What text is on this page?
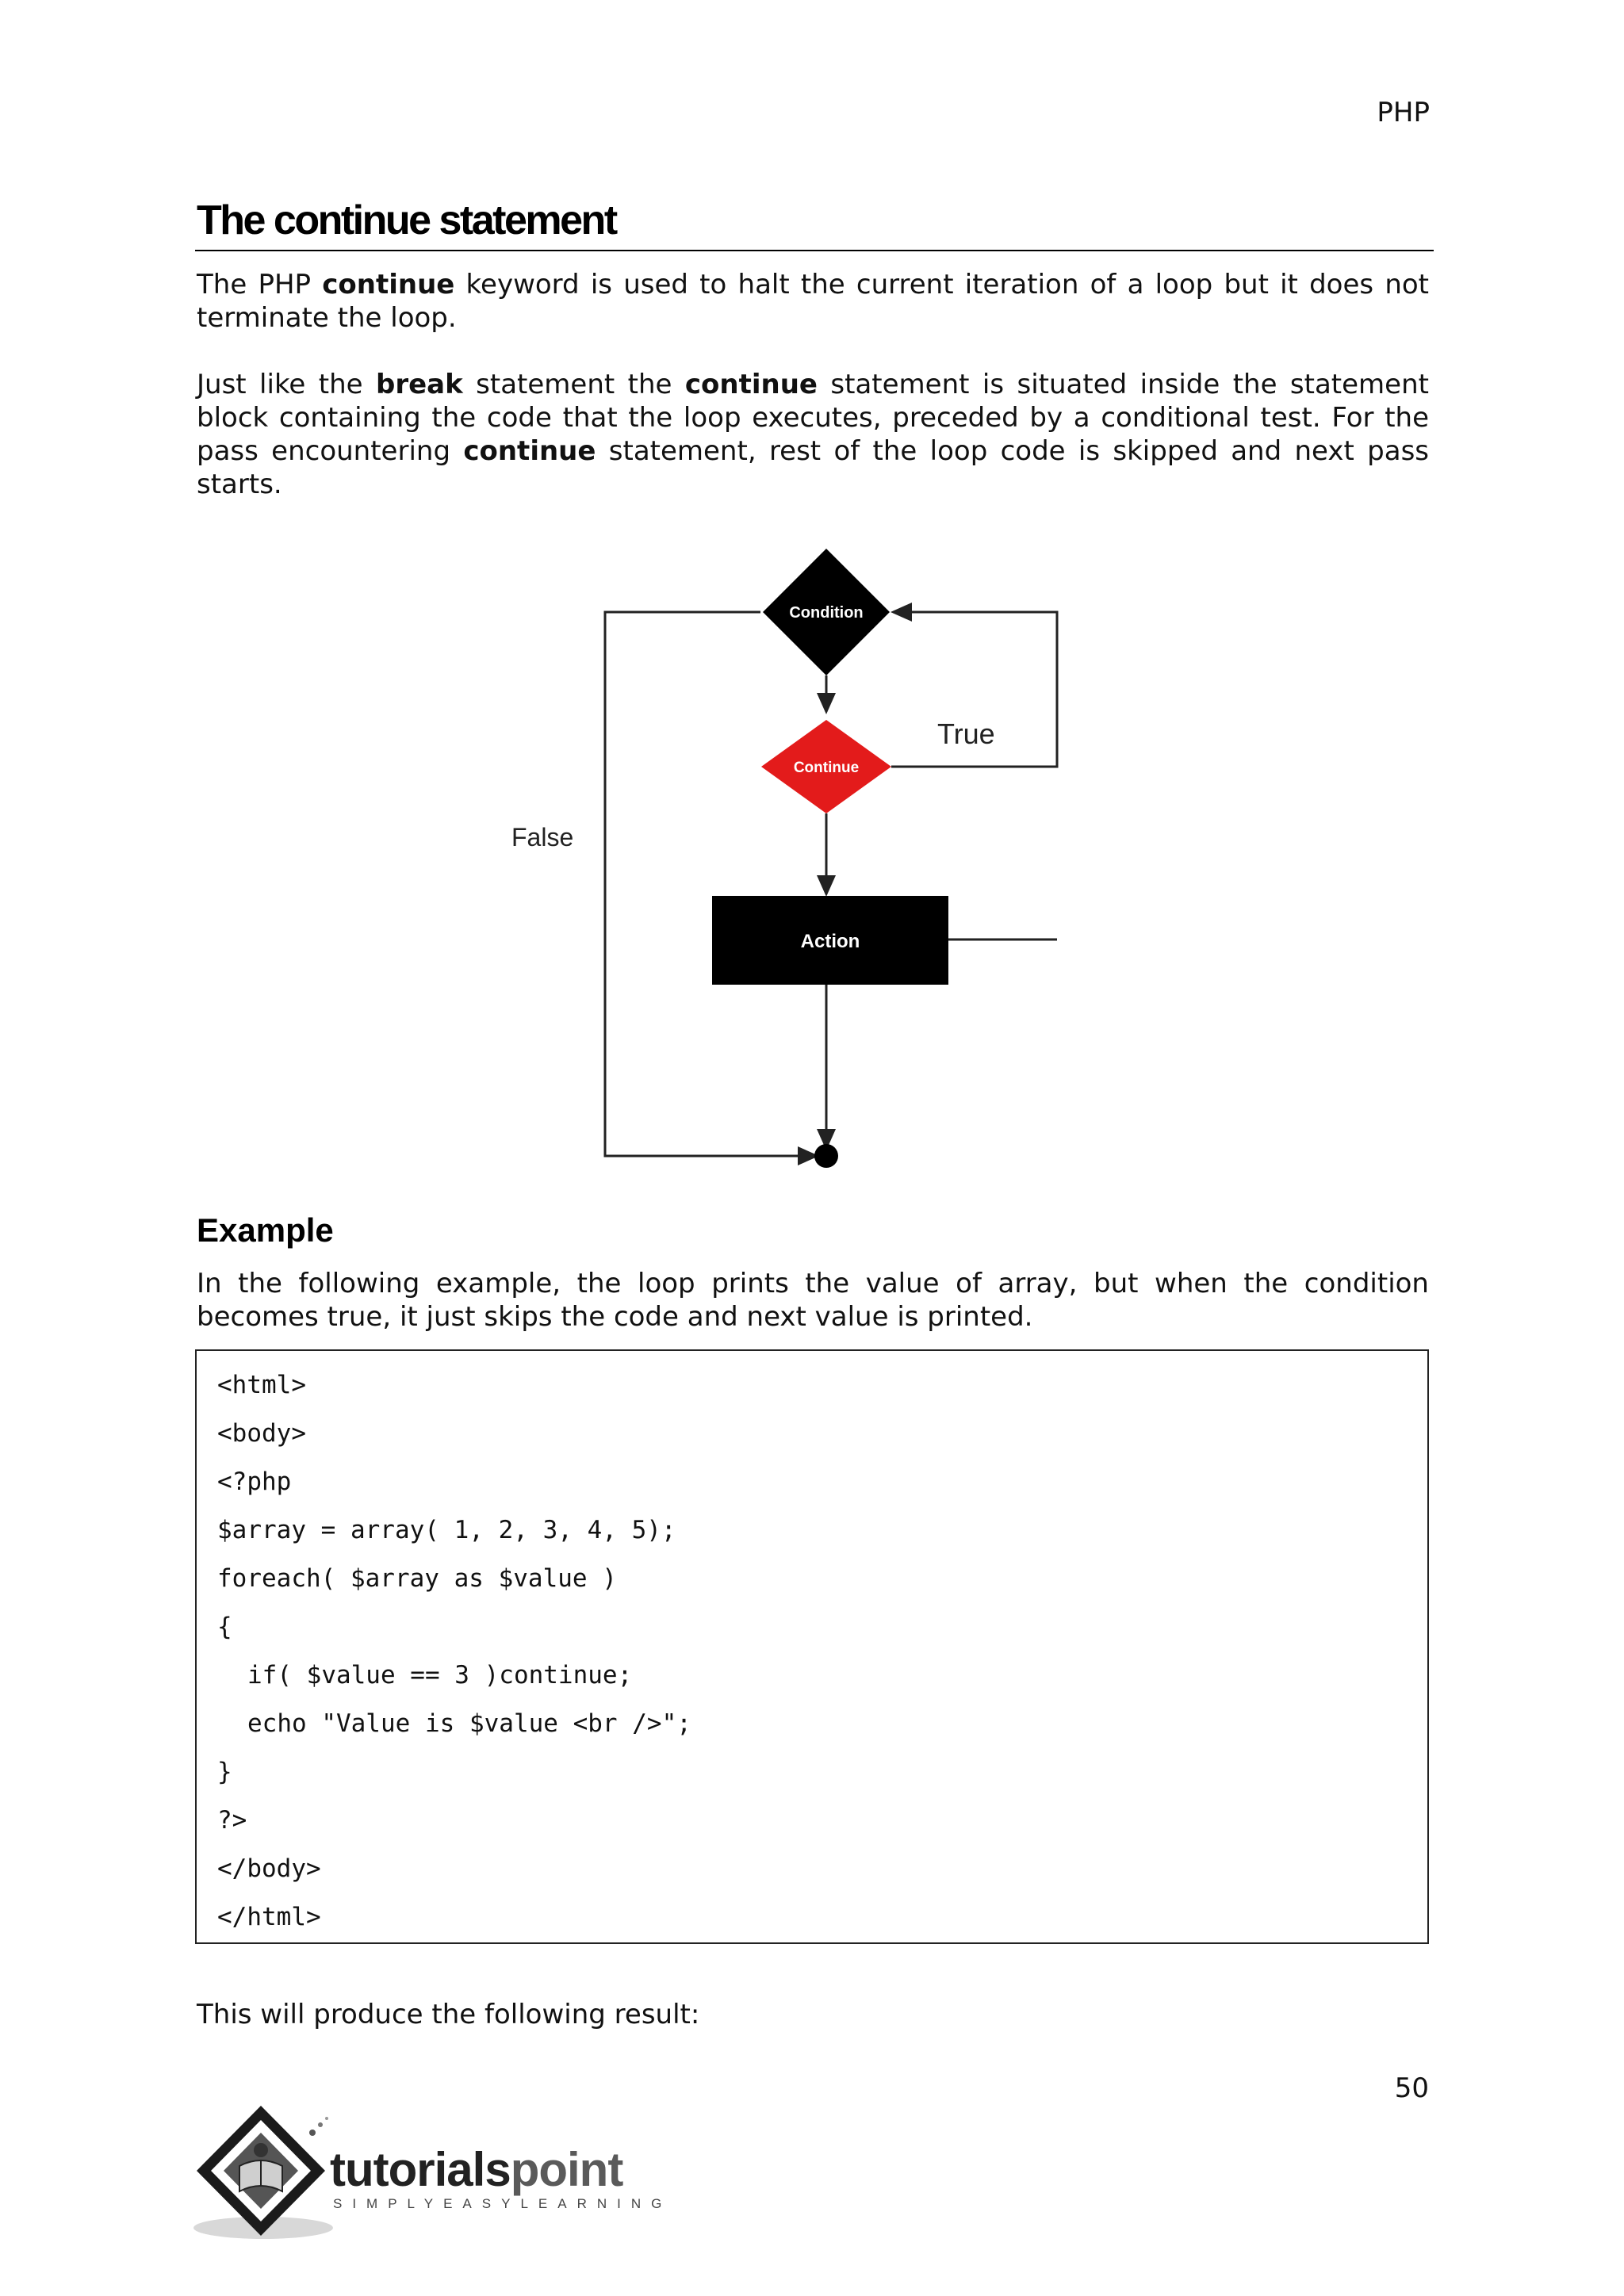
PHP
The continue statement
The PHP continue keyword is used to halt the current iteration of a loop but it does not terminate the loop.
Just like the break statement the continue statement is situated inside the statement block containing the code that the loop executes, preceded by a conditional test. For the pass encountering continue statement, rest of the loop code is skipped and next pass starts.
Condition
Continue
Action
True
False
Example
In the following example, the loop prints the value of array, but when the condition becomes true, it just skips the code and next value is printed.
<html>
<body>
<?php
$array = array( 1, 2, 3, 4, 5);
foreach( $array as $value )
{
if( $value == 3 )continue;
echo "Value is $value <br />";
}
?>
</body>
</html>
This will produce the following result:
50
tutorialspoint
SIMPLYEASYLEARNING
